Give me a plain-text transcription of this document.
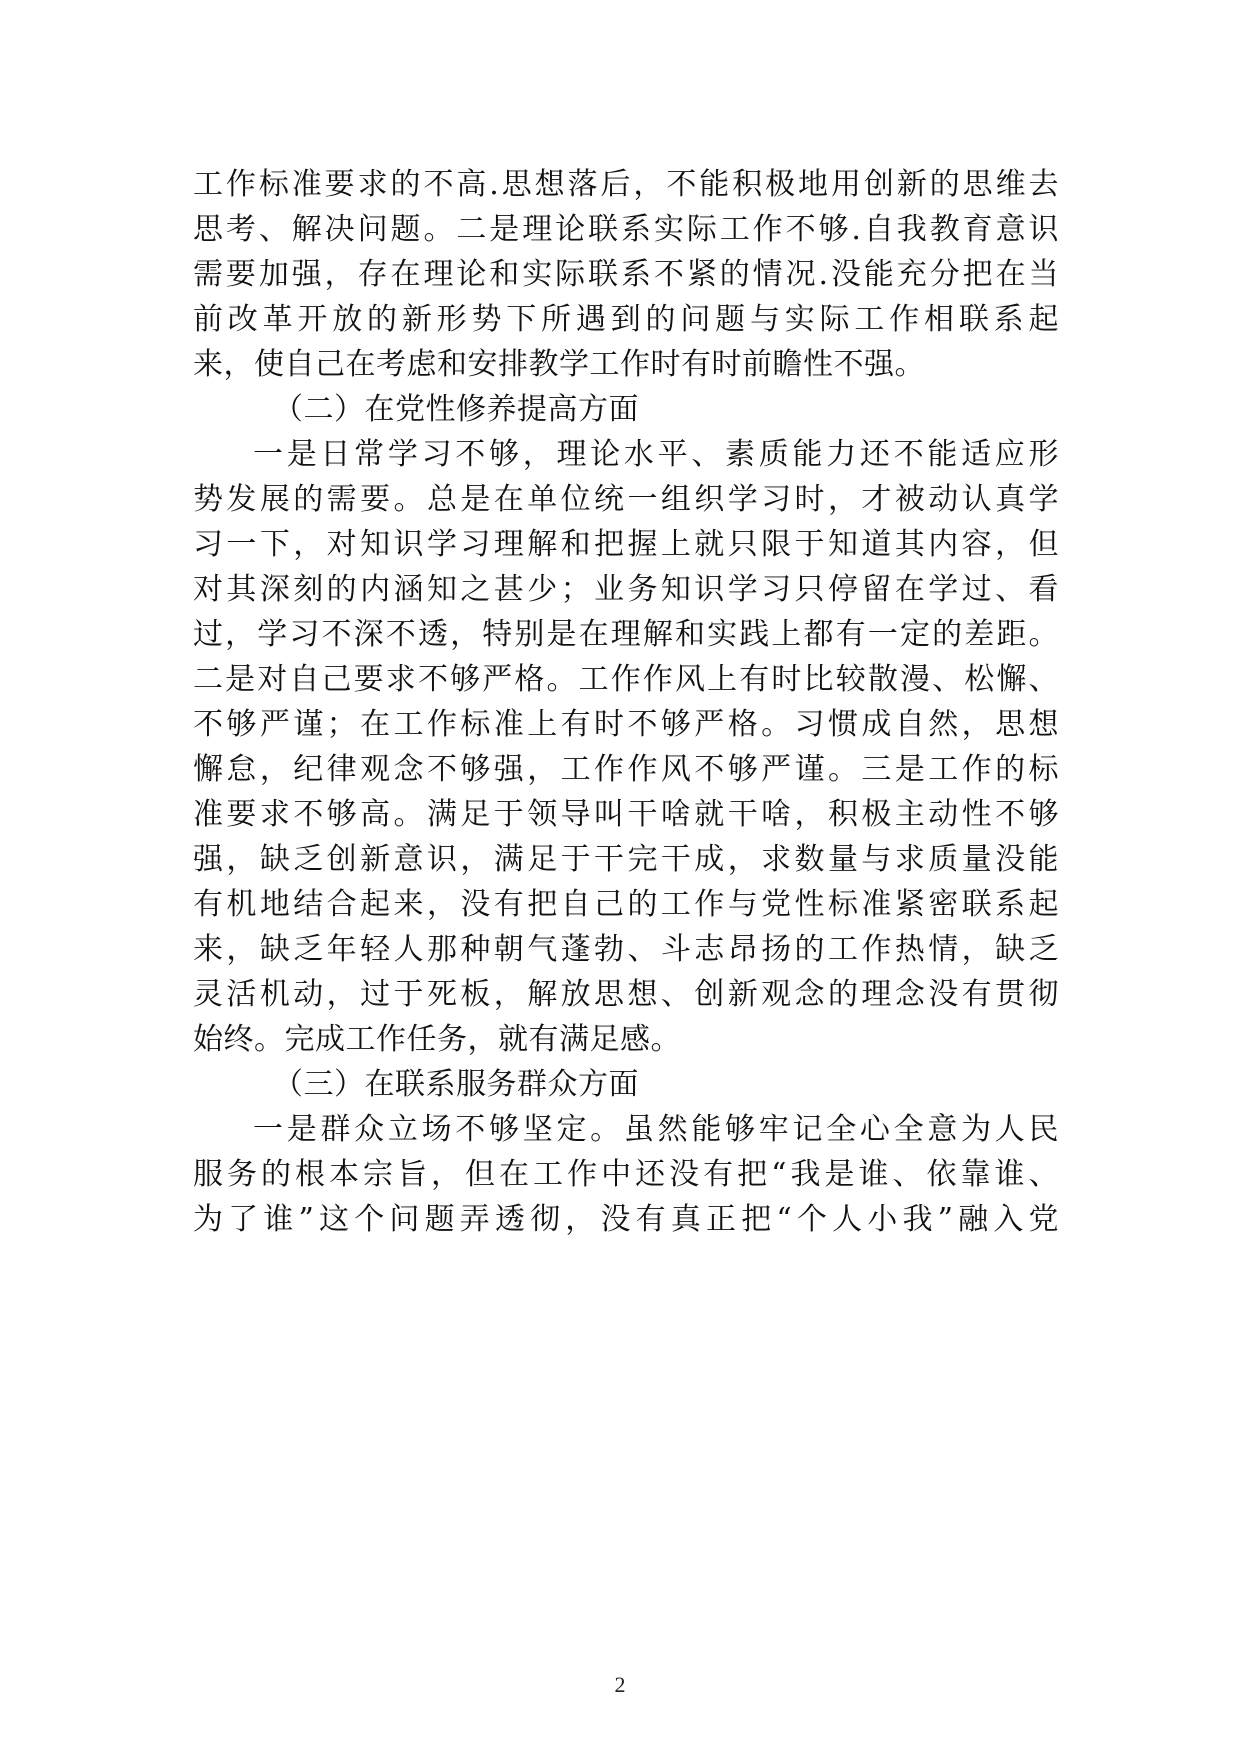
工作标准要求的不高.思想落后，不能积极地用创新的思维去
思考、解决问题。二是理论联系实际工作不够.自我教育意识
需要加强，存在理论和实际联系不紧的情况.没能充分把在当
前改革开放的新形势下所遇到的问题与实际工作相联系起
来，使自己在考虑和安排教学工作时有时前瞻性不强。
（二）在党性修养提高方面
一是日常学习不够，理论水平、素质能力还不能适应形
势发展的需要。总是在单位统一组织学习时，才被动认真学
习一下，对知识学习理解和把握上就只限于知道其内容，但
对其深刻的内涵知之甚少；业务知识学习只停留在学过、看
过，学习不深不透，特别是在理解和实践上都有一定的差距。
二是对自己要求不够严格。工作作风上有时比较散漫、松懈、
不够严谨；在工作标准上有时不够严格。习惯成自然，思想
懈怠，纪律观念不够强，工作作风不够严谨。三是工作的标
准要求不够高。满足于领导叫干啥就干啥，积极主动性不够
强，缺乏创新意识，满足于干完干成，求数量与求质量没能
有机地结合起来，没有把自己的工作与党性标准紧密联系起
来，缺乏年轻人那种朝气蓬勃、斗志昂扬的工作热情，缺乏
灵活机动，过于死板，解放思想、创新观念的理念没有贯彻
始终。完成工作任务，就有满足感。
（三）在联系服务群众方面
一是群众立场不够坚定。虽然能够牢记全心全意为人民
服务的根本宗旨，但在工作中还没有把“我是谁、依靠谁、
为了谁”这个问题弄透彻，没有真正把“个人小我”融入党
2
